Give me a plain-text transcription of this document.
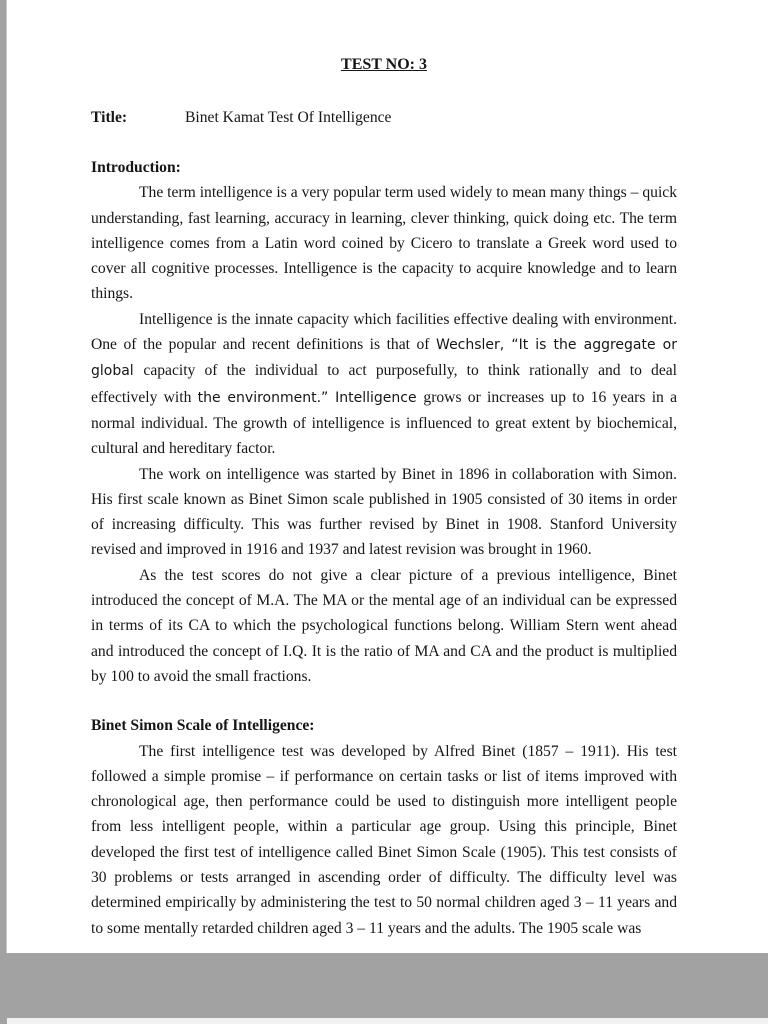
TEST NO: 3
Title:	Binet Kamat Test Of Intelligence
Introduction:

The term intelligence is a very popular term used widely to mean many things – quick understanding, fast learning, accuracy in learning, clever thinking, quick doing etc. The term intelligence comes from a Latin word coined by Cicero to translate a Greek word used to cover all cognitive processes. Intelligence is the capacity to acquire knowledge and to learn things.

Intelligence is the innate capacity which facilities effective dealing with environment. One of the popular and recent definitions is that of Wechsler, “It is the aggregate or global capacity of the individual to act purposefully, to think rationally and to deal effectively with the environment.” Intelligence grows or increases up to 16 years in a normal individual. The growth of intelligence is influenced to great extent by biochemical, cultural and hereditary factor.

The work on intelligence was started by Binet in 1896 in collaboration with Simon. His first scale known as Binet Simon scale published in 1905 consisted of 30 items in order of increasing difficulty. This was further revised by Binet in 1908. Stanford University revised and improved in 1916 and 1937 and latest revision was brought in 1960.

As the test scores do not give a clear picture of a previous intelligence, Binet introduced the concept of M.A. The MA or the mental age of an individual can be expressed in terms of its CA to which the psychological functions belong. William Stern went ahead and introduced the concept of I.Q. It is the ratio of MA and CA and the product is multiplied by 100 to avoid the small fractions.

Binet Simon Scale of Intelligence:

The first intelligence test was developed by Alfred Binet (1857 – 1911). His test followed a simple promise – if performance on certain tasks or list of items improved with chronological age, then performance could be used to distinguish more intelligent people from less intelligent people, within a particular age group. Using this principle, Binet developed the first test of intelligence called Binet Simon Scale (1905). This test consists of 30 problems or tests arranged in ascending order of difficulty. The difficulty level was determined empirically by administering the test to 50 normal children aged 3 – 11 years and to some mentally retarded children aged 3 – 11 years and the adults. The 1905 scale was
